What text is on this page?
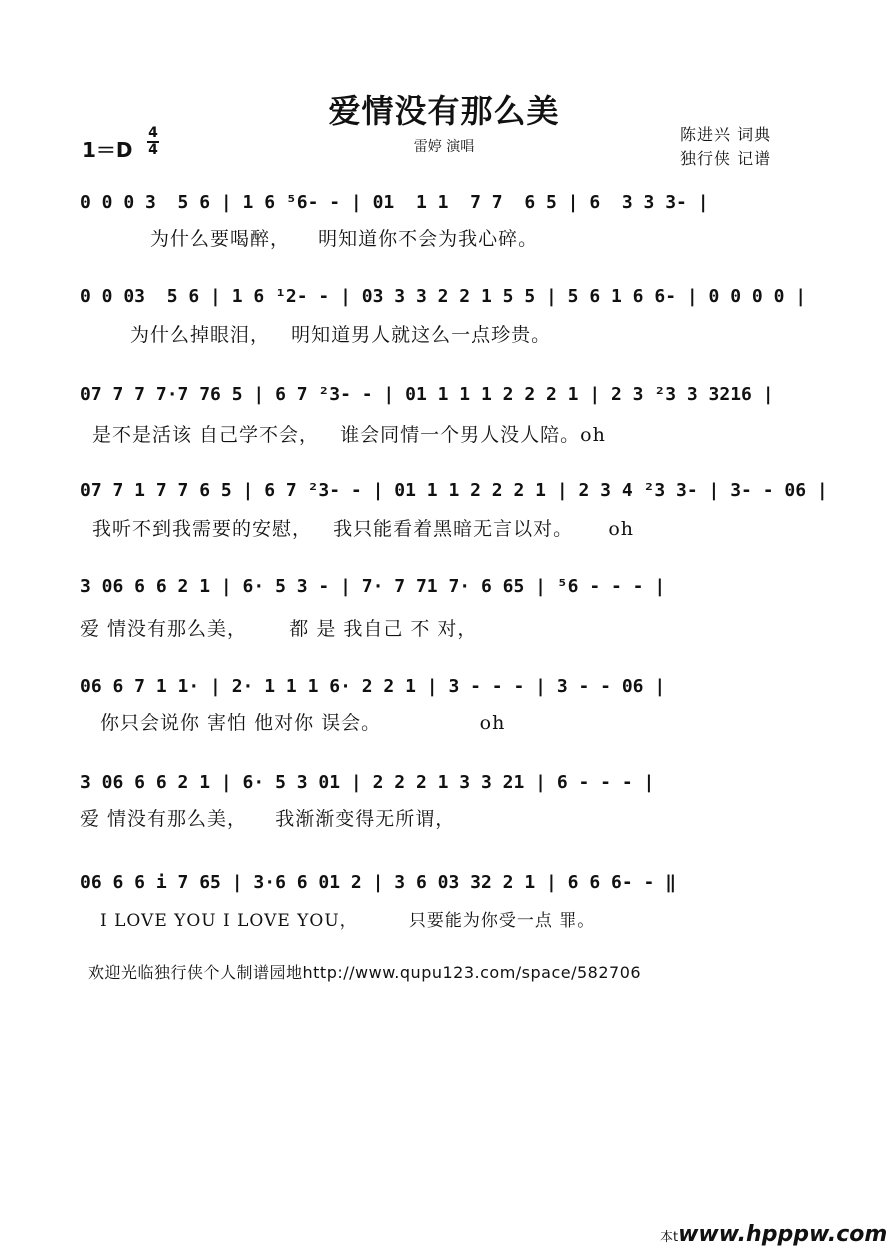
爱情没有那么美
雷婷 演唱
1＝D
4
4
陈进兴 词典
独行侠 记谱
0 0 0 3  5 6 | 1 6 ⁵6- - | 01  1 1  7 7  6 5 | 6  3 3 3- |
为什么要喝醉，    明知道你不会为我心碎。
0 0 03  5 6 | 1 6 ¹2- - | 03 3 3 2 2 1 5 5 | 5 6 1 6 6- | 0 0 0 0 |
为什么掉眼泪，   明知道男人就这么一点珍贵。
07 7 7 7·7 76 5 | 6 7 ²3- - | 01 1 1 1 2 2 2 1 | 2 3 ²3 3 3216 |
是不是活该 自己学不会，   谁会同情一个男人没人陪。oh
07 7 1 7 7 6 5 | 6 7 ²3- - | 01 1 1 2 2 2 1 | 2 3 4 ²3 3- | 3- - 06 |
我听不到我需要的安慰，   我只能看着黑暗无言以对。     oh
3 06 6 6 2 1 | 6· 5 3 - | 7· 7 71 7· 6 65 | ⁵6 - - - |
爱 情没有那么美，      都 是 我自己 不 对，
06 6 7 1 1· | 2· 1 1 1 6· 2 2 1 | 3 - - - | 3 - - 06 |
你只会说你 害怕 他对你 误会。              oh
3 06 6 6 2 1 | 6· 5 3 01 | 2 2 2 1 3 3 21 | 6 - - - |
爱 情没有那么美，    我渐渐变得无所谓，
06 6 6 i 7 65 | 3·6 6 01 2 | 3 6 03 32 2 1 | 6 6 6- - ‖
I LOVE YOU I LOVE YOU，        只要能为你受一点 罪。
欢迎光临独行侠个人制谱园地http://www.qupu123.com/space/582706
本twww.hpppw.com
